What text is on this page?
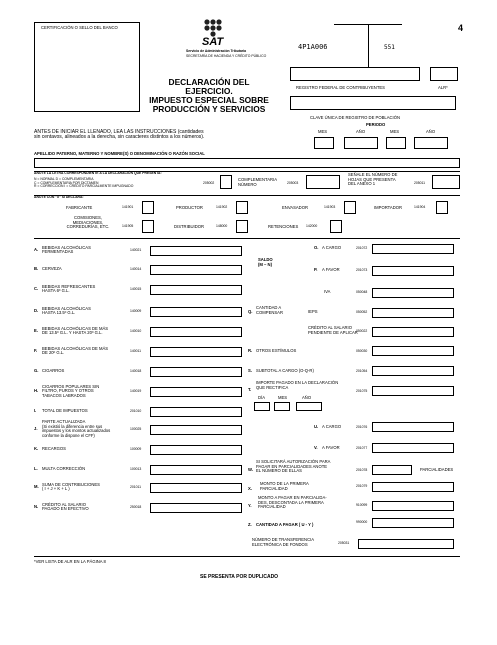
4
CERTIFICACIÓN O SELLO DEL BANCO
SAT
Servicio de Administración Tributaria
SECRETARÍA DE HACIENDA Y CRÉDITO PÚBLICO
4P1A006	551
DECLARACIÓN DEL EJERCICIO.
IMPUESTO ESPECIAL SOBRE
PRODUCCIÓN Y SERVICIOS
REGISTRO FEDERAL DE CONTRIBUYENTES	ALR*
CLAVE ÚNICA DE REGISTRO DE POBLACIÓN
PERIODO
MES	AÑO	MES	AÑO
ANTES DE INICIAR EL LLENADO, LEA LAS INSTRUCCIONES (cantidades
sin centavos, alineados a la derecha, sin caracteres distintos a los números).
APELLIDO PATERNO, MATERNO Y NOMBRE(S) O DENOMINACIÓN O RAZÓN SOCIAL
ANOTE LA LETRA CORRESPONDIENTE A LA DECLARACIÓN QUE PRESENTA:
N = NORMAL D = COMPLEMENTARIA
C = COMPLEMENTARIA POR DICTAMEN
R = CORRECCIÓN I = CRÉDITO PARCIALMENTE IMPUGNADO
205002
COMPLEMENTARIA
NÚMERO	205003
SEÑALE EL NÚMERO DE
HOJAS QUE PRESENTA
DEL ANEXO 1	205011
ANOTE CON "X" SI DECLARA:
FABRICANTE	141901	PRODUCTOR	141902	ENVASADOR	141903	IMPORTADOR	141904
COMISIONES,
MEDIACIONES,
CORREDURÍAS, ETC.	141905	DISTRIBUIDOR	148000	RETENCIONES 142000
A. BEBIDAS ALCOHÓLICAS
FERMENTADAS	140021
B. CERVEZA	140014
C. BEBIDAS REFRESCANTES
HASTA 6º G.L.	140015
D. BEBIDAS ALCOHÓLICAS
HASTA 13.5º G.L.	140009
E. BEBIDAS ALCOHÓLICAS DE MÁS
DE 13.5º G.L. Y HASTA 20º G.L.	140010
F. BEBIDAS ALCOHÓLICAS DE MÁS
DE 20º G.L.	140011
G. CIGARROS	140018
H.
CIGARROS POPULARES SIN
FILTRO, PUROS Y OTROS
TABACOS LABRADOS
140019
I. TOTAL DE IMPUESTOS	201010
J.
PARTE ACTUALIZADA
(Si existió la diferencia entre sus
impuestos y los montos actualizados
conforme la dispone el CFF)
100025
K. RECARGOS	100009
L. MULTA CORRECCIÓN	100013
M. SUMA DE CONTRIBUCIONES
( I + J + K + L )	201011
N. CRÉDITO AL SALARIO
PAGADO EN EFECTIVO	250018
SALDO
(M – N)
O. A CARGO	201072
P. A FAVOR	201073
IVA	050048
Q.
CANTIDAD A
COMPENSAR	IEPS	050052
CRÉDITO AL SALARIO
PENDIENTE DE APLICAR
050022
R. OTROS ESTÍMULOS	050030
S. SUBTOTAL A CARGO (O-Q-R)	201054
T.
IMPORTE PAGADO EN LA DECLARACIÓN
QUE RECTIFICA
201075
DÍA	MES	AÑO
U. A CARGO	201076
V. A FAVOR	201077
W.
SI SOLICITARÁ AUTORIZACIÓN PARA
PAGAR EN PARCIALIDADES ANOTE
EL NÚMERO DE ELLAS	201078	PARCIALIDADES
X.
MONTO DE LA PRIMERA
PARCIALIDAD	201079
Y.
MONTO A PAGAR EN PARCIALIDA-
DES, DESCONTADA LA PRIMERA
PARCIALIDAD	910099
Z. CANTIDAD A PAGAR ( U - Y )	990000
NÚMERO DE TRANSFERENCIA
ELECTRÓNICA DE FONDOS	205031
*VER LISTA DE ALR EN LA PÁGINA 8
SE PRESENTA POR DUPLICADO
